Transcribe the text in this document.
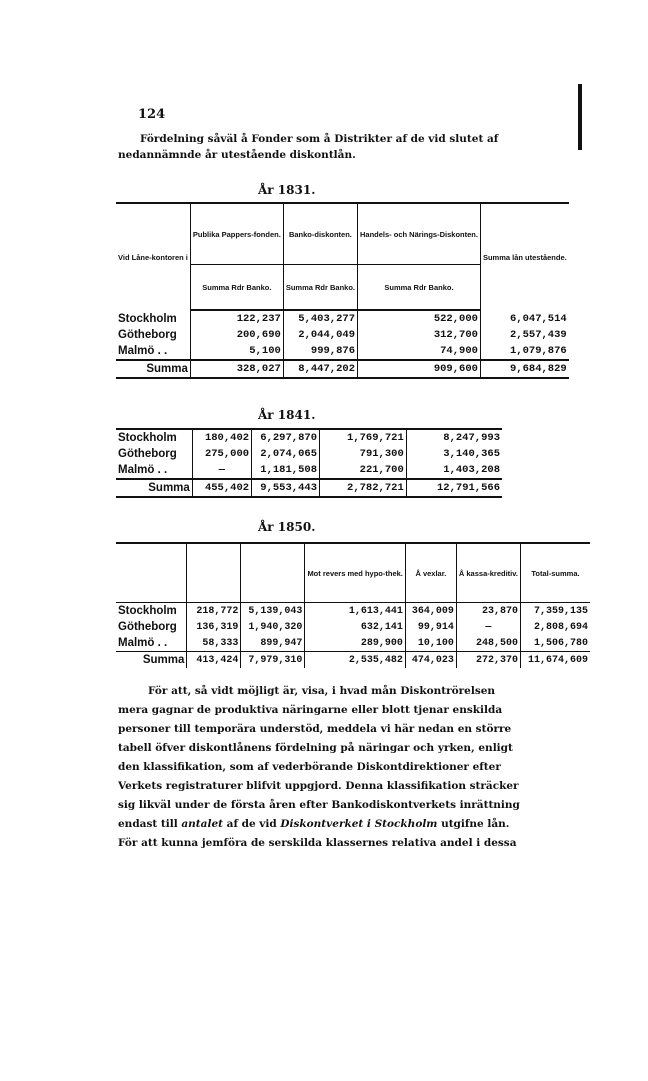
124
Fördelning såväl å Fonder som å Distrikter af de vid slutet af
nedannämnde år utestående diskontlån.
År 1831.
Vid Låne-kontoren i	Publika Pappers-fonden.	Banko-diskonten.	Handels- och Närings-Diskonten.	Summa lån utestående.
	Summa Rdr Banko.	Summa Rdr Banko.	Summa Rdr Banko.	
Stockholm	122,237	5,403,277	522,000	6,047,514
Götheborg	200,690	2,044,049	312,700	2,557,439
Malmö . .	5,100	999,876	74,900	1,079,876
Summa	328,027	8,447,202	909,600	9,684,829
År 1841.
Stockholm	180,402	6,297,870	1,769,721	8,247,993
Götheborg	275,000	2,074,065	791,300	3,140,365
Malmö . .	—	1,181,508	221,700	1,403,208
Summa	455,402	9,553,443	2,782,721	12,791,566
År 1850.
			Mot revers med hypo-thek.	Å vexlar.	Å kassa-kreditiv.	Total-summa.
Stockholm	218,772	5,139,043	1,613,441	364,009	23,870	7,359,135
Götheborg	136,319	1,940,320	632,141	99,914	—	2,808,694
Malmö . .	58,333	899,947	289,900	10,100	248,500	1,506,780
Summa	413,424	7,979,310	2,535,482	474,023	272,370	11,674,609
För att, så vidt möjligt är, visa, i hvad mån Diskontrörelsen
mera gagnar de produktiva näringarne eller blott tjenar enskilda
personer till temporära understöd, meddela vi här nedan en större
tabell öfver diskontlånens fördelning på näringar och yrken, enligt
den klassifikation, som af vederbörande Diskontdirektioner efter
Verkets registraturer blifvit uppgjord. Denna klassifikation sträcker
sig likväl under de första åren efter Bankodiskontverkets inrättning
endast till antalet af de vid Diskontverket i Stockholm utgifne lån.
För att kunna jemföra de serskilda klassernes relativa andel i dessa
